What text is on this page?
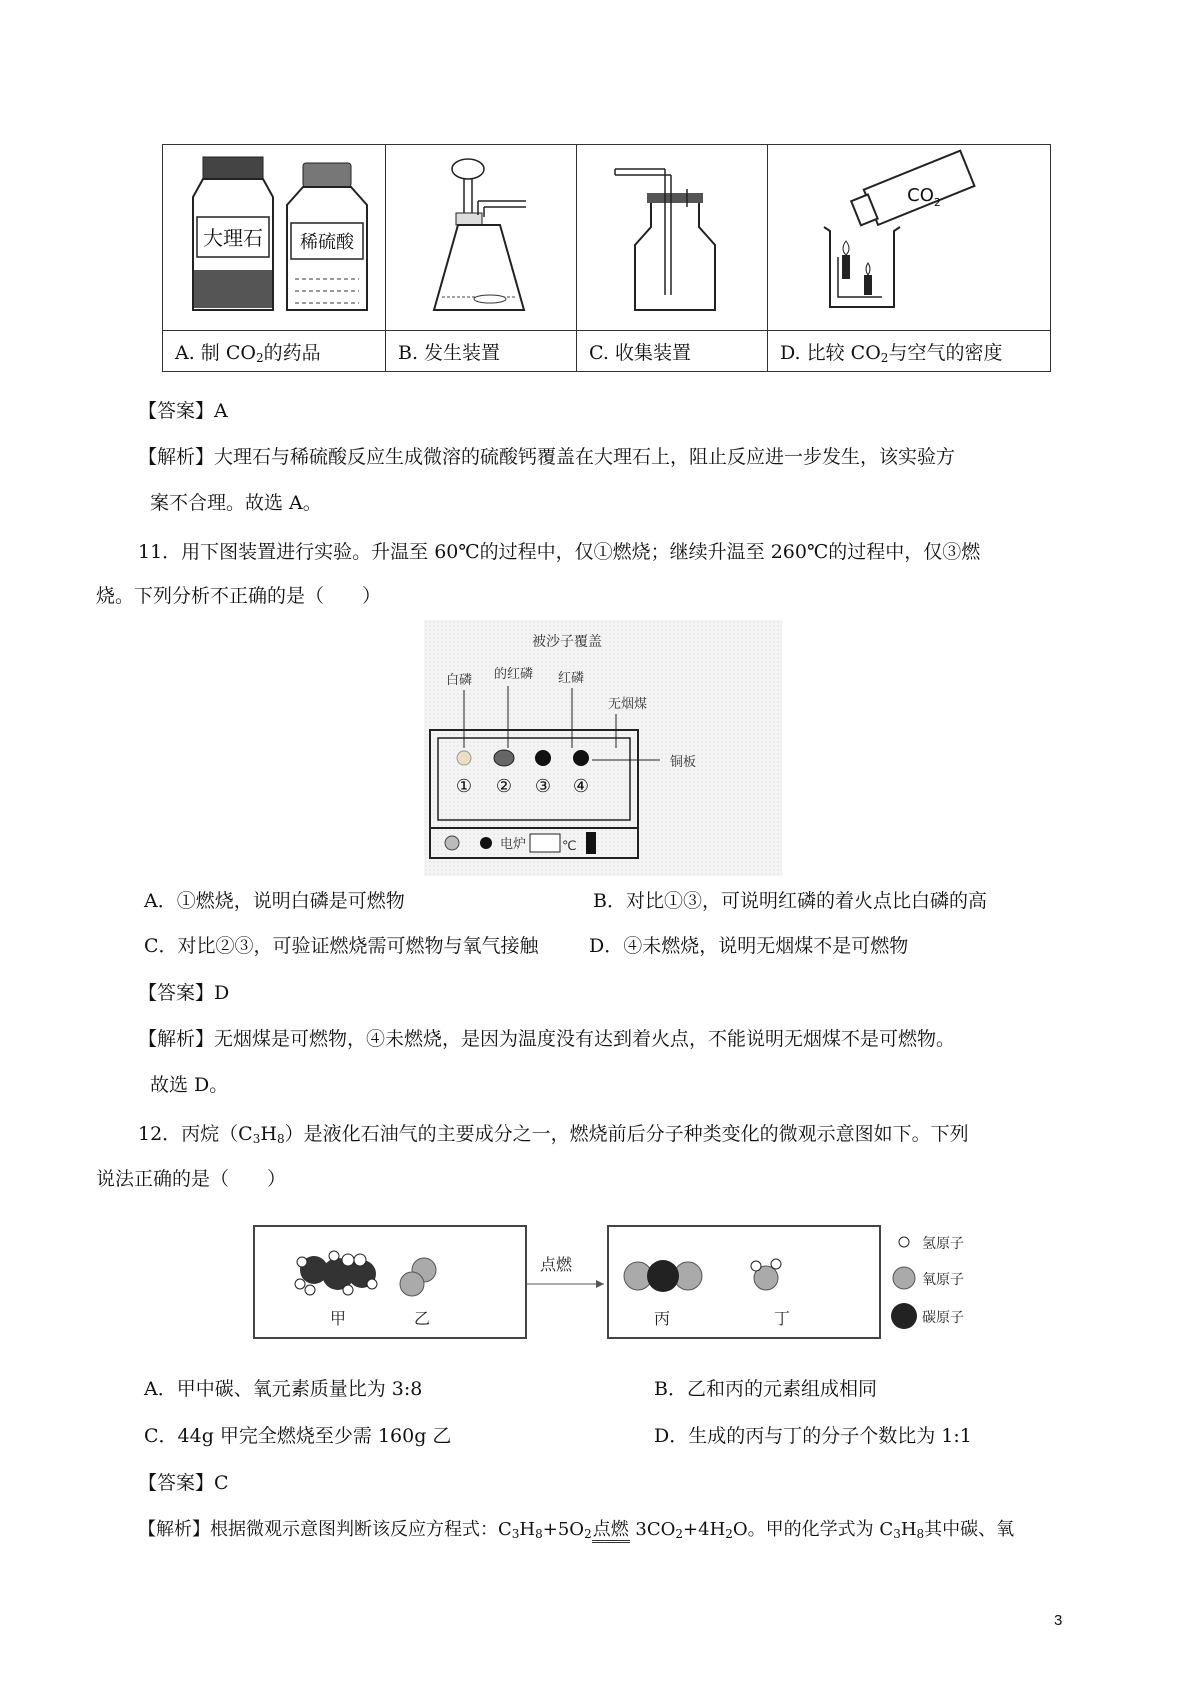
大理石 稀硫酸			$CO_2$

A. 制 $CO_2$的药品	B. 发生装置	C. 收集装置	D. 比较 $CO_2$与空气的密度
【答案】A
【解析】大理石与稀硫酸反应生成微溶的硫酸钙覆盖在大理石上，阻止反应进一步发生，该实验方
案不合理。故选 A。
11．用下图装置进行实验。升温至 60℃的过程中，仅①燃烧；继续升温至 260℃的过程中，仅③燃
烧。下列分析不正确的是（　　）
被沙子覆盖
白磷 的红磷 红磷
无烟煤
铜板
① ② ③ ④
电炉	℃
A．①燃烧，说明白磷是可燃物	B．对比①③，可说明红磷的着火点比白磷的高
C．对比②③，可验证燃烧需可燃物与氧气接触	D．④未燃烧，说明无烟煤不是可燃物
【答案】D
【解析】无烟煤是可燃物，④未燃烧，是因为温度没有达到着火点，不能说明无烟煤不是可燃物。
故选 D。
12．丙烷$(C_3H_8)$是液化石油气的主要成分之一，燃烧前后分子种类变化的微观示意图如下。下列
说法正确的是（　　）
甲	乙
点燃
丙	丁
氢原子
氧原子
碳原子
A．甲中碳、氧元素质量比为 3:8	B．乙和丙的元素组成相同
C．44g 甲完全燃烧至少需 160g 乙	D．生成的丙与丁的分子个数比为 1:1
【答案】C
【解析】根据微观示意图判断该反应方程式：$C_3H_8+5O_2$点燃 $3CO_2+4H_2O$。甲的化学式为 $C_3H_8$其中碳、氧
3
